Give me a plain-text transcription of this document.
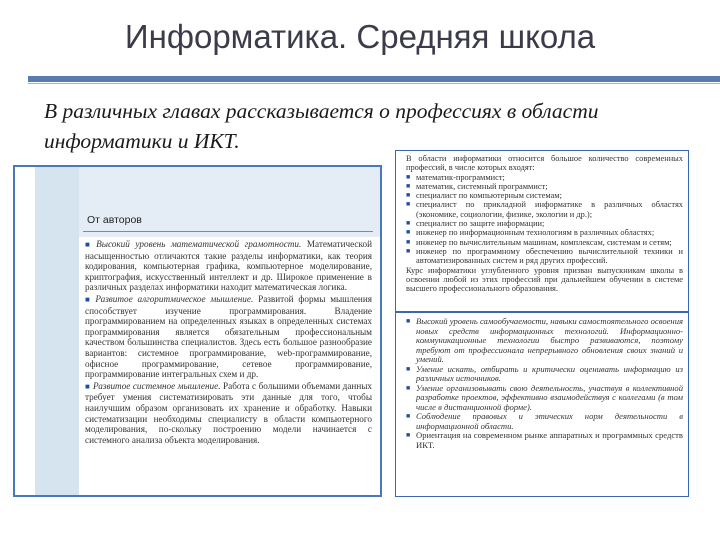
Информатика. Средняя школа
В различных главах рассказывается о профессиях в области информатики и ИКТ.
От авторов

■ Высокий уровень математической грамотности. Математической насыщенностью отличаются такие разделы информатики, как теория кодирования, компьютерная графика, компьютерное моделирование, криптография, искусственный интеллект и др. Широкое применение в различных разделах информатики находит математическая логика.

■ Развитое алгоритмическое мышление. Развитой формы мышления способствует изучение программирования. Владение программированием на определенных языках в определенных системах программирования является обязательным профессиональным качеством большинства специалистов. Здесь есть большое разнообразие вариантов: системное программирование, web-программирование, офисное программирование, сетевое программирование, программирование интегральных схем и др.

■ Развитое системное мышление. Работа с большими объемами данных требует умения систематизировать эти данные для того, чтобы наилучшим образом организовать их хранение и обработку. Навыки систематизации необходимы специалисту в области компьютерного моделирования, по-скольку построению модели начинается с системного анализа объекта моделирования.

В области информатики относится большое количество современных профессий, в числе которых входят:

■ математик-программист;
■ математик, системный программист;
■ специалист по компьютерным системам;
■ специалист по прикладной информатике в различных областях (экономике, социологии, физике, экологии и др.);
■ специалист по защите информации;
■ инженер по информационным технологиям в различных областях;
■ инженер по вычислительным машинам, комплексам, системам и сетям;
■ инженер по программному обеспечению вычислительной техники и автоматизированных систем и ряд других профессий.

Курс информатики углубленного уровня призван выпускникам школы в освоении любой из этих профессий при дальнейшем обучении в системе высшего профессионального образования.

■ Высокий уровень самообучаемости, навыки самостоятельного освоения новых средств информационных технологий. Информационно-коммуникационные технологии быстро развиваются, поэтому требуют от профессионала непрерывного обновления своих знаний и умений.
■ Умение искать, отбирать и критически оценивать информацию из различных источников.
■ Умение организовывать свою деятельность, участвуя в коллективной разработке проектов, эффективно взаимодействуя с коллегами (в том числе в дистанционной форме).
■ Соблюдение правовых и этических норм деятельности в информационной области.
■ Ориентация на современном рынке аппаратных и программных средств ИКТ.
